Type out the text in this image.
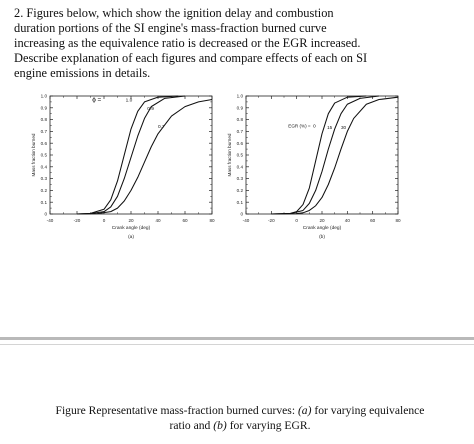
2. Figures below, which show the ignition delay and combustion
duration portions of the SI engine's mass-fraction burned curve
increasing as the equivalence ratio is decreased or the EGR increased.
Describe explanation of each figures and compare effects of each on SI
engine emissions in details.
0
0.1
0.2
0.3
0.4
0.5
0.6
0.7
0.8
0.9
1.0
-40	-20	0	20	40	60	80
Crank angle (deg)
Mass fraction burned
(a)
ϕ =	1.0
0.9
0.7
0
0.1
0.2
0.3
0.4
0.5
0.6
0.7
0.8
0.9
1.0
-40	-20	0	20	40	60	80
Crank angle (deg)
Mass fraction burned
(b)
EGR (%) = 0 15 30
Figure Representative mass-fraction burned curves: (a) for varying equivalence
ratio and (b) for varying EGR.
